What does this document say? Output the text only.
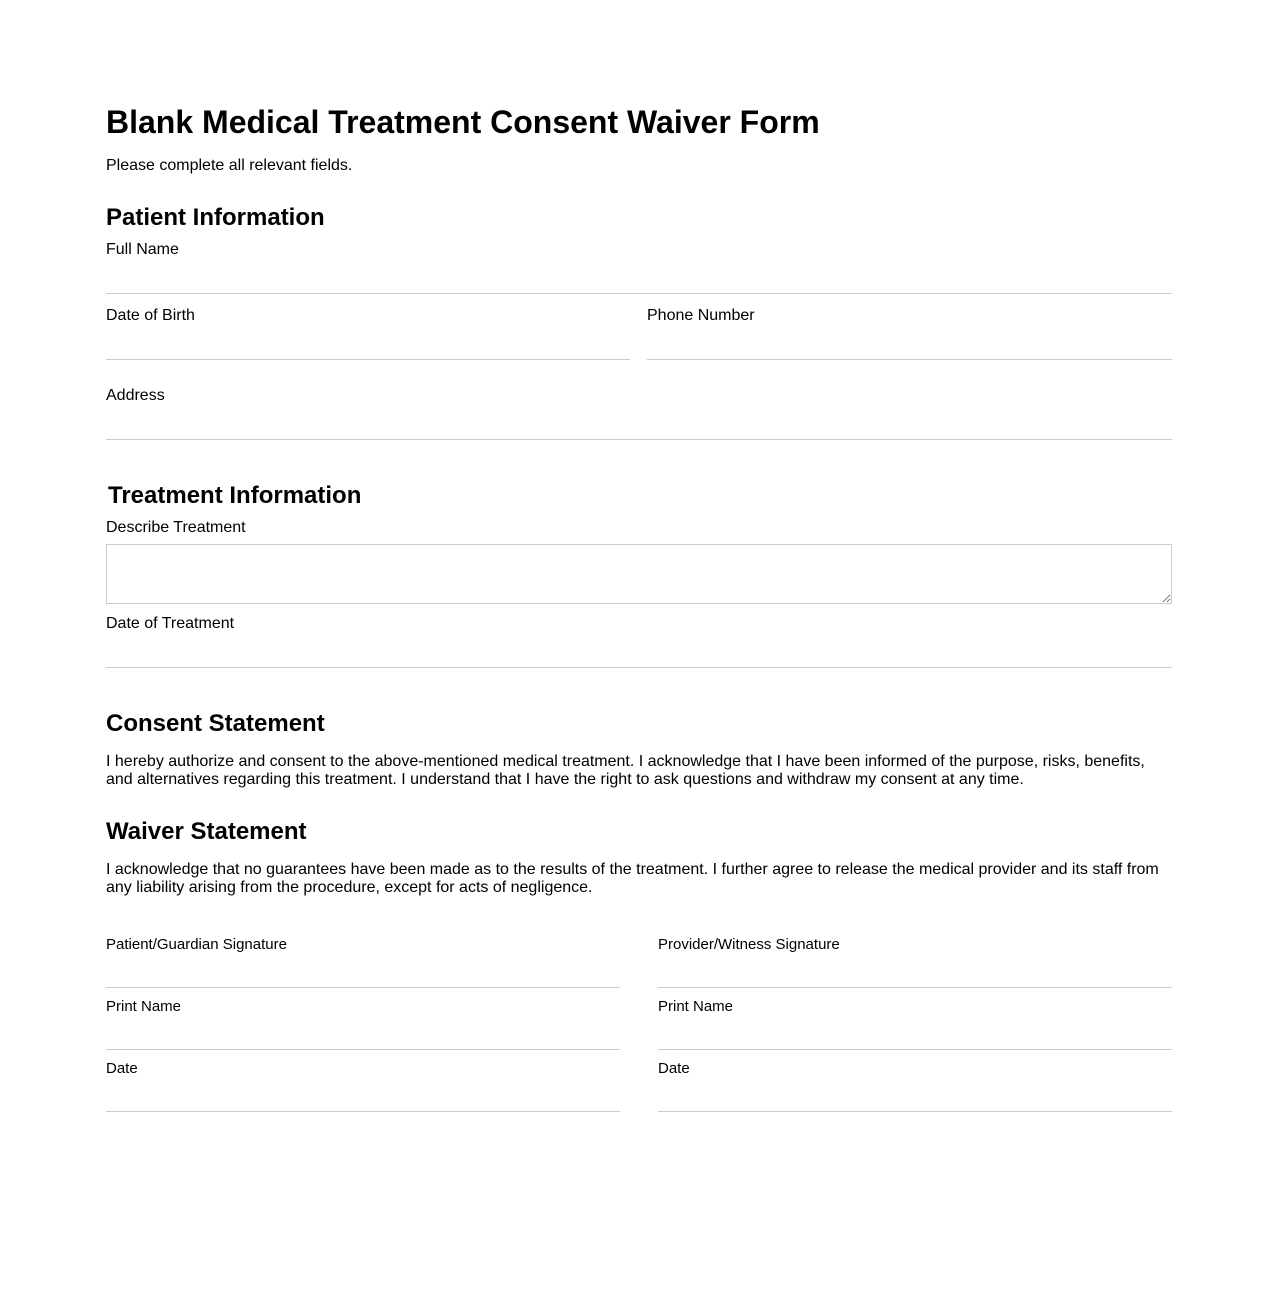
Blank Medical Treatment Consent Waiver Form
Please complete all relevant fields.
Patient Information
Full Name
Date of Birth	Phone Number
Address
Treatment Information
Describe Treatment
Date of Treatment
Consent Statement
I hereby authorize and consent to the above-mentioned medical treatment. I acknowledge that I have been informed of the purpose, risks, benefits, and alternatives regarding this treatment. I understand that I have the right to ask questions and withdraw my consent at any time.
Waiver Statement
I acknowledge that no guarantees have been made as to the results of the treatment. I further agree to release the medical provider and its staff from any liability arising from the procedure, except for acts of negligence.
Patient/Guardian Signature
Print Name
Date
Provider/Witness Signature
Print Name
Date
